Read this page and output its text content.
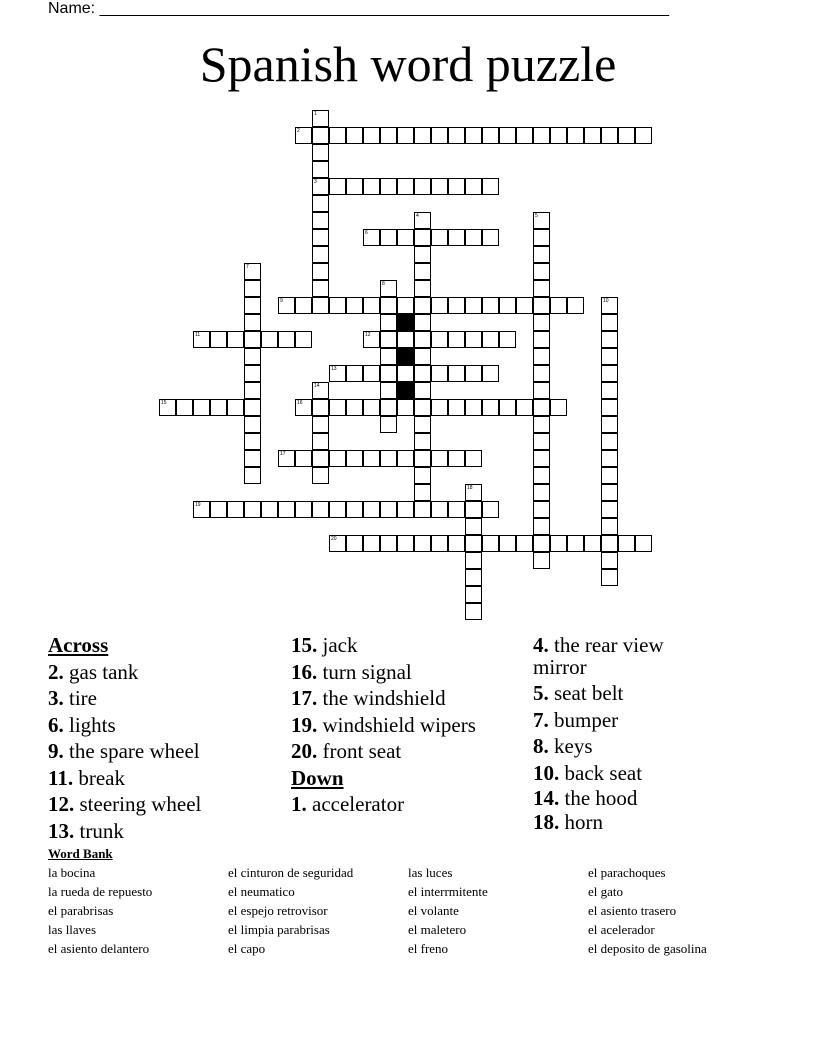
Name: ________________________________________________________________
Spanish word puzzle
1
3
2
4	5
6
7
8
9	10
11	12
13
14
15	16
17
18
19
20
Across
2. gas tank
3. tire
6. lights
9. the spare wheel
11. break
12. steering wheel
13. trunk
15. jack
16. turn signal
17. the windshield
19. windshield wipers
20. front seat
Down
1. accelerator
4. the rear view mirror
5. seat belt
7. bumper
8. keys
10. back seat
14. the hood
18. horn
Word Bank
la bocina
la rueda de repuesto
el parabrisas
las llaves
el asiento delantero
el cinturon de seguridad
el neumatico
el espejo retrovisor
el limpia parabrisas
el capo
las luces
el interrmitente
el volante
el maletero
el freno
el parachoques
el gato
el asiento trasero
el acelerador
el deposito de gasolina
